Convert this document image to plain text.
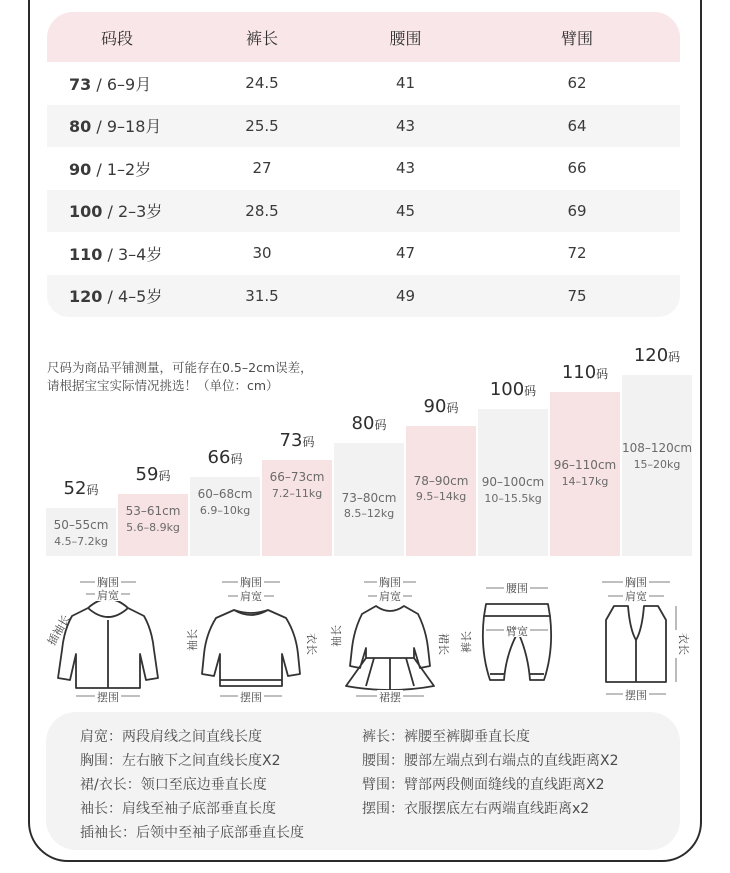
码段	裤长	腰围	臂围
73 / 6–9月	24.5	41	62
80 / 9–18月	25.5	43	64
90 / 1–2岁	27	43	66
100 / 2–3岁	28.5	45	69
110 / 3–4岁	30	47	72
120 / 4–5岁	31.5	49	75
尺码为商品平铺测量，可能存在0.5–2cm误差，
请根据宝宝实际情况挑选！（单位：cm）
50–55cm
4.5–7.2kg
52码
53–61cm
5.6–8.9kg
59码
60–68cm
6.9–10kg
66码
66–73cm
7.2–11kg
73码
73–80cm
8.5–12kg
80码
78–90cm
9.5–14kg
90码
90–100cm
10–15.5kg
100码
96–110cm
14–17kg
110码
108–120cm
15–20kg
120码
胸围
肩宽
摆围
插袖长
胸围
肩宽
摆围
袖长	衣长
胸围
肩宽
裙摆
袖长	裙长
腰围
臂宽
裤长
胸围
肩宽
摆围
衣长
肩宽：两段肩线之间直线长度
胸围：左右腋下之间直线长度X2
裙/衣长：领口至底边垂直长度
袖长：肩线至袖子底部垂直长度
插袖长：后领中至袖子底部垂直长度
裤长：裤腰至裤脚垂直长度
腰围：腰部左端点到右端点的直线距离X2
臂围：臂部两段侧面缝线的直线距离X2
摆围：衣服摆底左右两端直线距离x2
